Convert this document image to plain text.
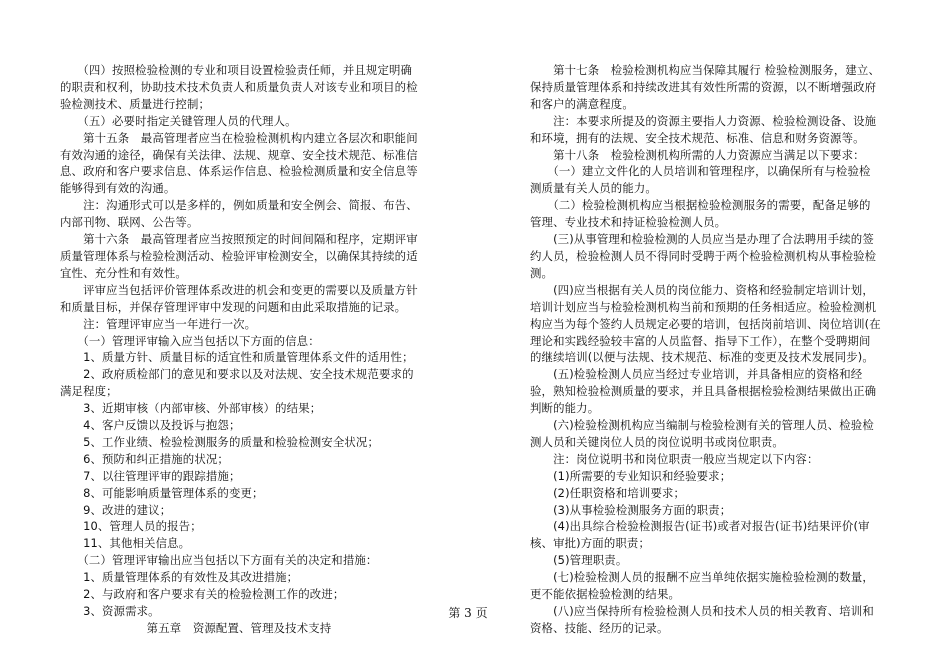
　　（四）按照检验检测的专业和项目设置检验责任师，并且规定明确的职责和权利，协助技术技术负责人和质量负责人对该专业和项目的检验检测技术、质量进行控制；

　　（五）必要时指定关键管理人员的代理人。

　　第十五条　最高管理者应当在检验检测机构内建立各层次和职能间有效沟通的途径，确保有关法律、法规、规章、安全技术规范、标准信息、政府和客户要求信息、体系运作信息、检验检测质量和安全信息等能够得到有效的沟通。

　　注：沟通形式可以是多样的，例如质量和安全例会、简报、布告、内部刊物、联网、公告等。

　　第十六条　最高管理者应当按照预定的时间间隔和程序，定期评审质量管理体系与检验检测活动、检验评审检测安全，以确保其持续的适宜性、充分性和有效性。

　　评审应当包括评价管理体系改进的机会和变更的需要以及质量方针和质量目标，并保存管理评审中发现的问题和由此采取措施的记录。

　　注：管理评审应当一年进行一次。

　　（一）管理评审输入应当包括以下方面的信息：

　　1、质量方针、质量目标的适宜性和质量管理体系文件的适用性；

　　2、政府质检部门的意见和要求以及对法规、安全技术规范要求的满足程度；

　　3、近期审核（内部审核、外部审核）的结果；

　　4、客户反馈以及投诉与抱怨；

　　5、工作业绩、检验检测服务的质量和检验检测安全状况；

　　6、预防和纠正措施的状况；

　　7、以往管理评审的跟踪措施；

　　8、可能影响质量管理体系的变更；

　　9、改进的建议；

　　10、管理人员的报告；

　　11、其他相关信息。

　　（二）管理评审输出应当包括以下方面有关的决定和措施：

　　1、质量管理体系的有效性及其改进措施；

　　2、与政府和客户要求有关的检验检测工作的改进；

　　3、资源需求。

第五章　资源配置、管理及技术支持

　　第十七条　检验检测机构应当保障其履行 检验检测服务，建立、保持质量管理体系和持续改进其有效性所需的资源，以不断增强政府和客户的满意程度。

　　注：本要求所提及的资源主要指人力资源、检验检测设备、设施和环境，拥有的法规、安全技术规范、标准、信息和财务资源等。

　　第十八条　检验检测机构所需的人力资源应当满足以下要求：

　　（一）建立文件化的人员培训和管理程序，以确保所有与检验检测质量有关人员的能力。

　　（二）检验检测机构应当根据检验检测服务的需要，配备足够的管理、专业技术和持证检验检测人员。

　　(三)从事管理和检验检测的人员应当是办理了合法聘用手续的签约人员，检验检测人员不得同时受聘于两个检验检测机构从事检验检测。

　　(四)应当根据有关人员的岗位能力、资格和经验制定培训计划，培训计划应当与检验检测机构当前和预期的任务相适应。检验检测机构应当为每个签约人员规定必要的培训，包括岗前培训、岗位培训(在理论和实践经验较丰富的人员监督、指导下工作），在整个受聘期间的继续培训(以便与法规、技术规范、标准的变更及技术发展同步)。

　　(五)检验检测人员应当经过专业培训，并具备相应的资格和经验，熟知检验检测质量的要求，并且具备根据检验检测结果做出正确判断的能力。

　　(六)检验检测机构应当编制与检验检测有关的管理人员、检验检测人员和关键岗位人员的岗位说明书或岗位职责。

　　注：岗位说明书和岗位职责一般应当规定以下内容：

　　(1)所需要的专业知识和经验要求；

　　(2)任职资格和培训要求；

　　(3)从事检验检测服务方面的职责；

　　(4)出具综合检验检测报告(证书)或者对报告(证书)结果评价(审核、审批)方面的职责；

　　(5)管理职责。

　　(七)检验检测人员的报酬不应当单纯依据实施检验检测的数量，更不能依据检验检测的结果。

　　(八)应当保持所有检验检测人员和技术人员的相关教育、培训和资格、技能、经历的记录。

第 3 页
